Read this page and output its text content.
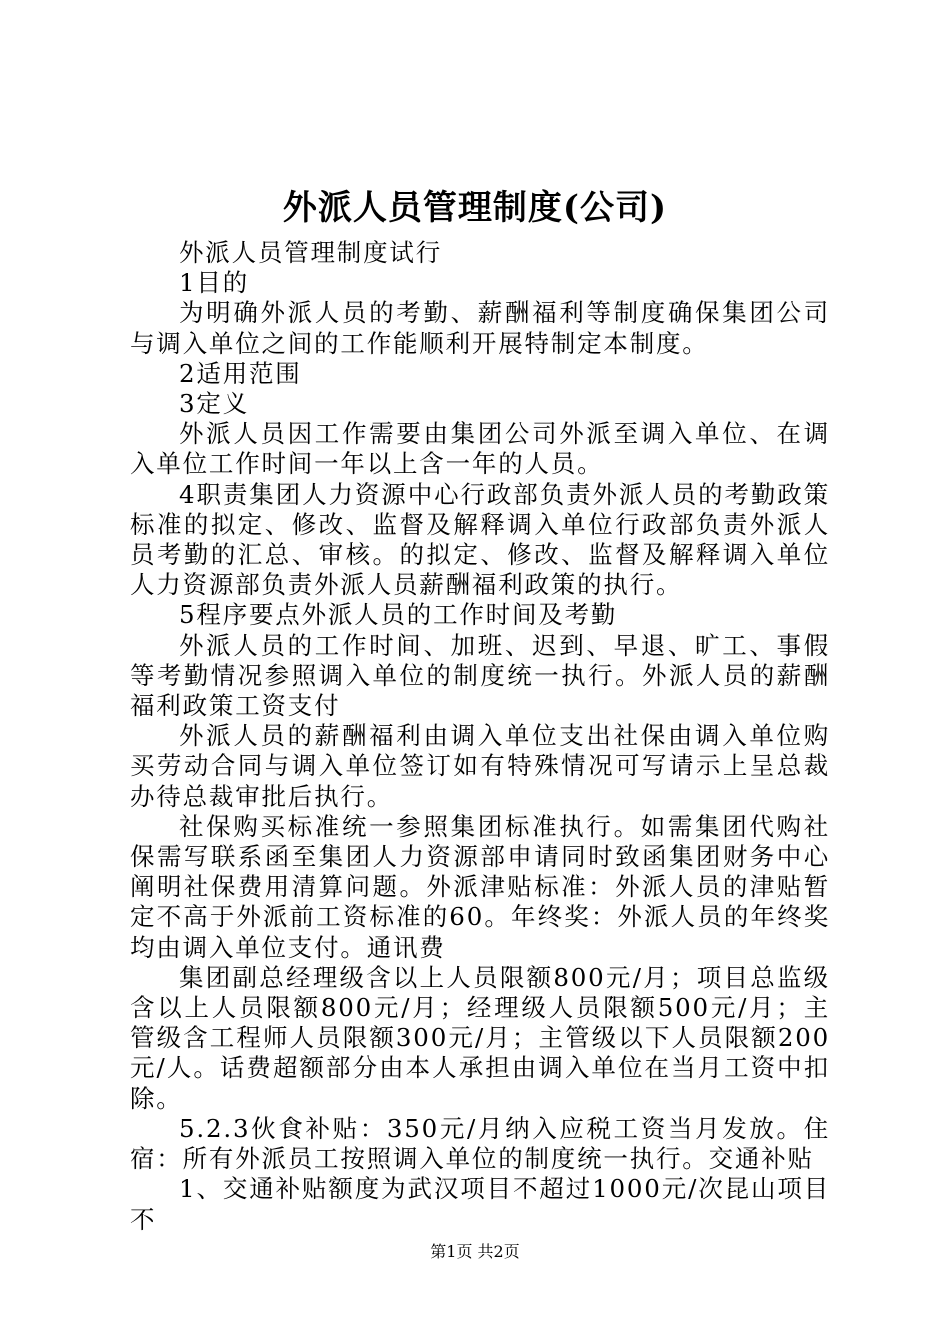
外派人员管理制度(公司)

外派人员管理制度试行

1目的

为明确外派人员的考勤、薪酬福利等制度确保集团公司与调入单位之间的工作能顺利开展特制定本制度。

2适用范围

3定义

外派人员因工作需要由集团公司外派至调入单位、在调入单位工作时间一年以上含一年的人员。

4职责集团人力资源中心行政部负责外派人员的考勤政策标准的拟定、修改、监督及解释调入单位行政部负责外派人员考勤的汇总、审核。的拟定、修改、监督及解释调入单位人力资源部负责外派人员薪酬福利政策的执行。

5程序要点外派人员的工作时间及考勤

外派人员的工作时间、加班、迟到、早退、旷工、事假等考勤情况参照调入单位的制度统一执行。外派人员的薪酬福利政策工资支付

外派人员的薪酬福利由调入单位支出社保由调入单位购买劳动合同与调入单位签订如有特殊情况可写请示上呈总裁办待总裁审批后执行。

社保购买标准统一参照集团标准执行。如需集团代购社保需写联系函至集团人力资源部申请同时致函集团财务中心阐明社保费用清算问题。外派津贴标准：外派人员的津贴暂定不高于外派前工资标准的60。年终奖：外派人员的年终奖均由调入单位支付。通讯费

集团副总经理级含以上人员限额800元/月；项目总监级含以上人员限额800元/月；经理级人员限额500元/月；主管级含工程师人员限额300元/月；主管级以下人员限额200元/人。话费超额部分由本人承担由调入单位在当月工资中扣除。

5.2.3伙食补贴：350元/月纳入应税工资当月发放。住宿：所有外派员工按照调入单位的制度统一执行。交通补贴

1、交通补贴额度为武汉项目不超过1000元/次昆山项目不

第1页 共2页
